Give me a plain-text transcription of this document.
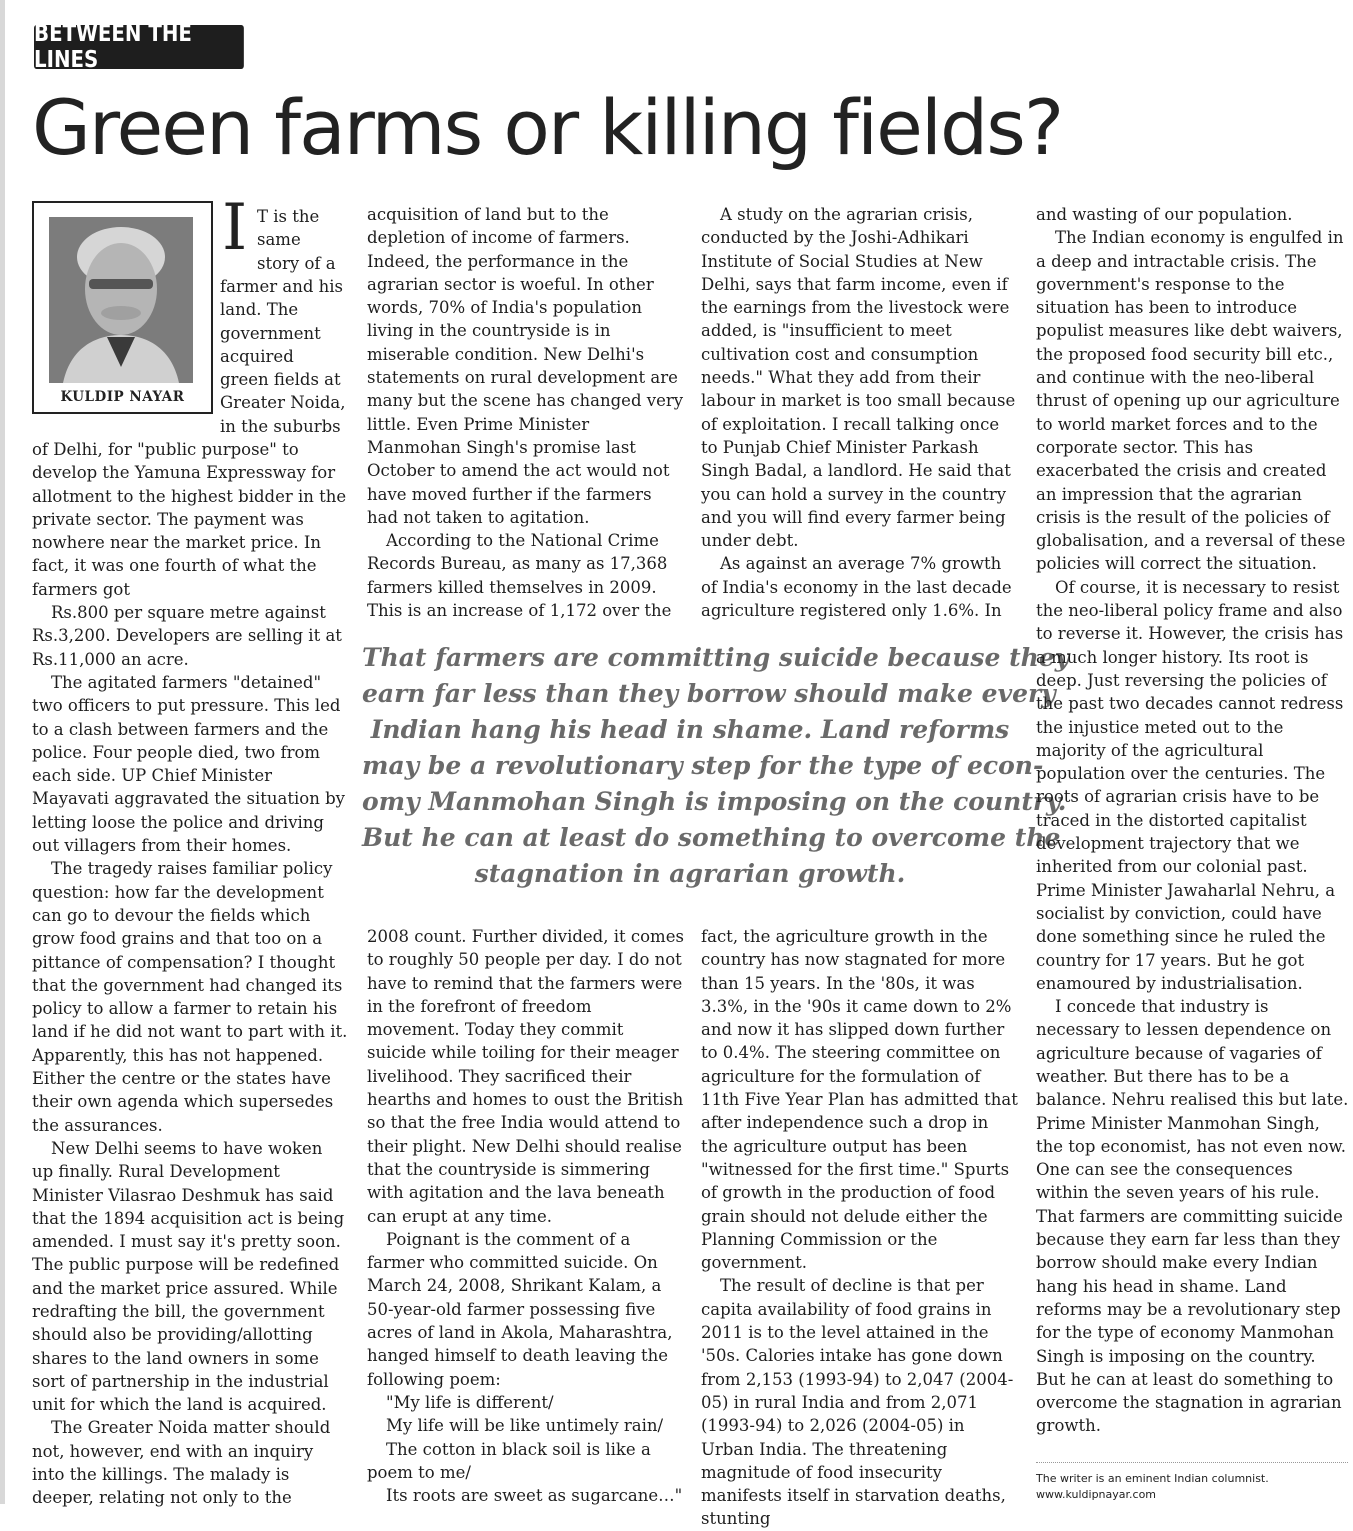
BETWEEN THE LINES
Green farms or killing fields?
KULDIP NAYAR
I T is the
same
story of a

farmer and his
land. The
government
acquired
green fields at
Greater Noida,
in the suburbs

of Delhi, for "public purpose" to develop the Yamuna Expressway for allotment to the highest bidder in the private sector. The payment was nowhere near the market price. In fact, it was one fourth of what the farmers got

Rs.800 per square metre against Rs.3,200. Developers are selling it at Rs.11,000 an acre.

The agitated farmers "detained" two officers to put pressure. This led to a clash between farmers and the police. Four people died, two from each side. UP Chief Minister Mayavati aggravated the situation by letting loose the police and driving out villagers from their homes.

The tragedy raises familiar policy question: how far the development can go to devour the fields which grow food grains and that too on a pittance of compensation? I thought that the government had changed its policy to allow a farmer to retain his land if he did not want to part with it. Apparently, this has not happened. Either the centre or the states have their own agenda which supersedes the assurances.

New Delhi seems to have woken up finally. Rural Development Minister Vilasrao Deshmuk has said that the 1894 acquisition act is being amended. I must say it's pretty soon. The public purpose will be redefined and the market price assured. While redrafting the bill, the government should also be providing/allotting shares to the land owners in some sort of partnership in the industrial unit for which the land is acquired.

The Greater Noida matter should not, however, end with an inquiry into the killings. The malady is deeper, relating not only to the

acquisition of land but to the depletion of income of farmers. Indeed, the performance in the agrarian sector is woeful. In other words, 70% of India's population living in the countryside is in miserable condition. New Delhi's statements on rural development are many but the scene has changed very little. Even Prime Minister Manmohan Singh's promise last October to amend the act would not have moved further if the farmers had not taken to agitation.

According to the National Crime Records Bureau, as many as 17,368 farmers killed themselves in 2009. This is an increase of 1,172 over the

A study on the agrarian crisis, conducted by the Joshi-Adhikari Institute of Social Studies at New Delhi, says that farm income, even if the earnings from the livestock were added, is "insufficient to meet cultivation cost and consumption needs." What they add from their labour in market is too small because of exploitation. I recall talking once to Punjab Chief Minister Parkash Singh Badal, a landlord. He said that you can hold a survey in the country and you will find every farmer being under debt.

As against an average 7% growth of India's economy in the last decade agriculture registered only 1.6%. In

That farmers are committing suicide because they
earn far less than they borrow should make every
Indian hang his head in shame. Land reforms
may be a revolutionary step for the type of econ-
omy Manmohan Singh is imposing on the country.
But he can at least do something to overcome the
stagnation in agrarian growth.

2008 count. Further divided, it comes to roughly 50 people per day. I do not have to remind that the farmers were in the forefront of freedom movement. Today they commit suicide while toiling for their meager livelihood. They sacrificed their hearths and homes to oust the British so that the free India would attend to their plight. New Delhi should realise that the countryside is simmering with agitation and the lava beneath can erupt at any time.

Poignant is the comment of a farmer who committed suicide. On March 24, 2008, Shrikant Kalam, a 50-year-old farmer possessing five acres of land in Akola, Maharashtra, hanged himself to death leaving the following poem:

"My life is different/

My life will be like untimely rain/

The cotton in black soil is like a poem to me/

Its roots are sweet as sugarcane…"

fact, the agriculture growth in the country has now stagnated for more than 15 years. In the '80s, it was 3.3%, in the '90s it came down to 2% and now it has slipped down further to 0.4%. The steering committee on agriculture for the formulation of 11th Five Year Plan has admitted that after independence such a drop in the agriculture output has been "witnessed for the first time." Spurts of growth in the production of food grain should not delude either the Planning Commission or the government.

The result of decline is that per capita availability of food grains in 2011 is to the level attained in the '50s. Calories intake has gone down from 2,153 (1993-94) to 2,047 (2004-05) in rural India and from 2,071 (1993-94) to 2,026 (2004-05) in Urban India. The threatening magnitude of food insecurity manifests itself in starvation deaths, stunting

and wasting of our population.

The Indian economy is engulfed in a deep and intractable crisis. The government's response to the situation has been to introduce populist measures like debt waivers, the proposed food security bill etc., and continue with the neo-liberal thrust of opening up our agriculture to world market forces and to the corporate sector. This has exacerbated the crisis and created an impression that the agrarian crisis is the result of the policies of globalisation, and a reversal of these policies will correct the situation.

Of course, it is necessary to resist the neo-liberal policy frame and also to reverse it. However, the crisis has a much longer history. Its root is deep. Just reversing the policies of the past two decades cannot redress the injustice meted out to the majority of the agricultural population over the centuries. The roots of agrarian crisis have to be traced in the distorted capitalist development trajectory that we inherited from our colonial past. Prime Minister Jawaharlal Nehru, a socialist by conviction, could have done something since he ruled the country for 17 years. But he got enamoured by industrialisation.

I concede that industry is necessary to lessen dependence on agriculture because of vagaries of weather. But there has to be a balance. Nehru realised this but late. Prime Minister Manmohan Singh, the top economist, has not even now. One can see the consequences within the seven years of his rule. That farmers are committing suicide because they earn far less than they borrow should make every Indian hang his head in shame. Land reforms may be a revolutionary step for the type of economy Manmohan Singh is imposing on the country. But he can at least do something to overcome the stagnation in agrarian growth.

The writer is an eminent Indian columnist.
www.kuldipnayar.com
